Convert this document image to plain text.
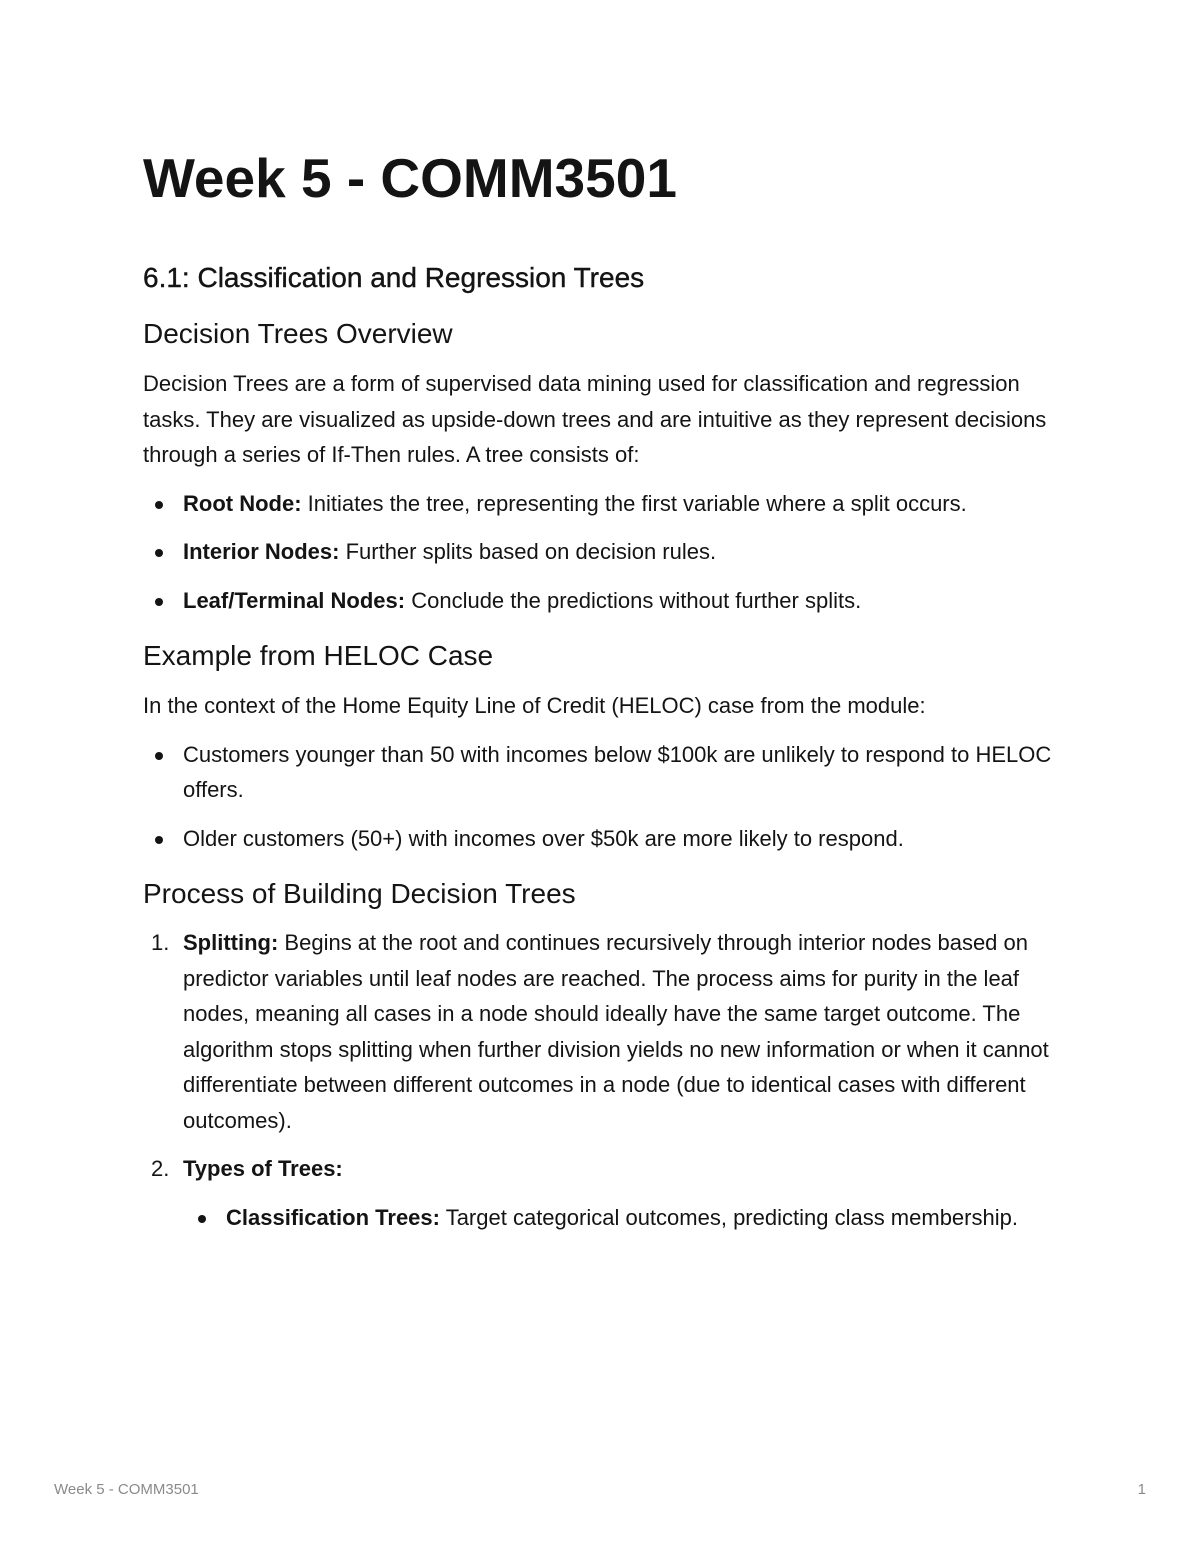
Week 5 - COMM3501
6.1: Classification and Regression Trees
Decision Trees Overview

Decision Trees are a form of supervised data mining used for classification and regression tasks. They are visualized as upside-down trees and are intuitive as they represent decisions through a series of If-Then rules. A tree consists of:

Root Node: Initiates the tree, representing the first variable where a split occurs.
Interior Nodes: Further splits based on decision rules.
Leaf/Terminal Nodes: Conclude the predictions without further splits.
Example from HELOC Case

In the context of the Home Equity Line of Credit (HELOC) case from the module:

Customers younger than 50 with incomes below $100k are unlikely to respond to HELOC offers.
Older customers (50+) with incomes over $50k are more likely to respond.
Process of Building Decision Trees
1. Splitting: Begins at the root and continues recursively through interior nodes based on predictor variables until leaf nodes are reached. The process aims for purity in the leaf nodes, meaning all cases in a node should ideally have the same target outcome. The algorithm stops splitting when further division yields no new information or when it cannot differentiate between different outcomes in a node (due to identical cases with different outcomes).
2. Types of Trees:
Classification Trees: Target categorical outcomes, predicting class membership.
Week 5 - COMM3501	1
